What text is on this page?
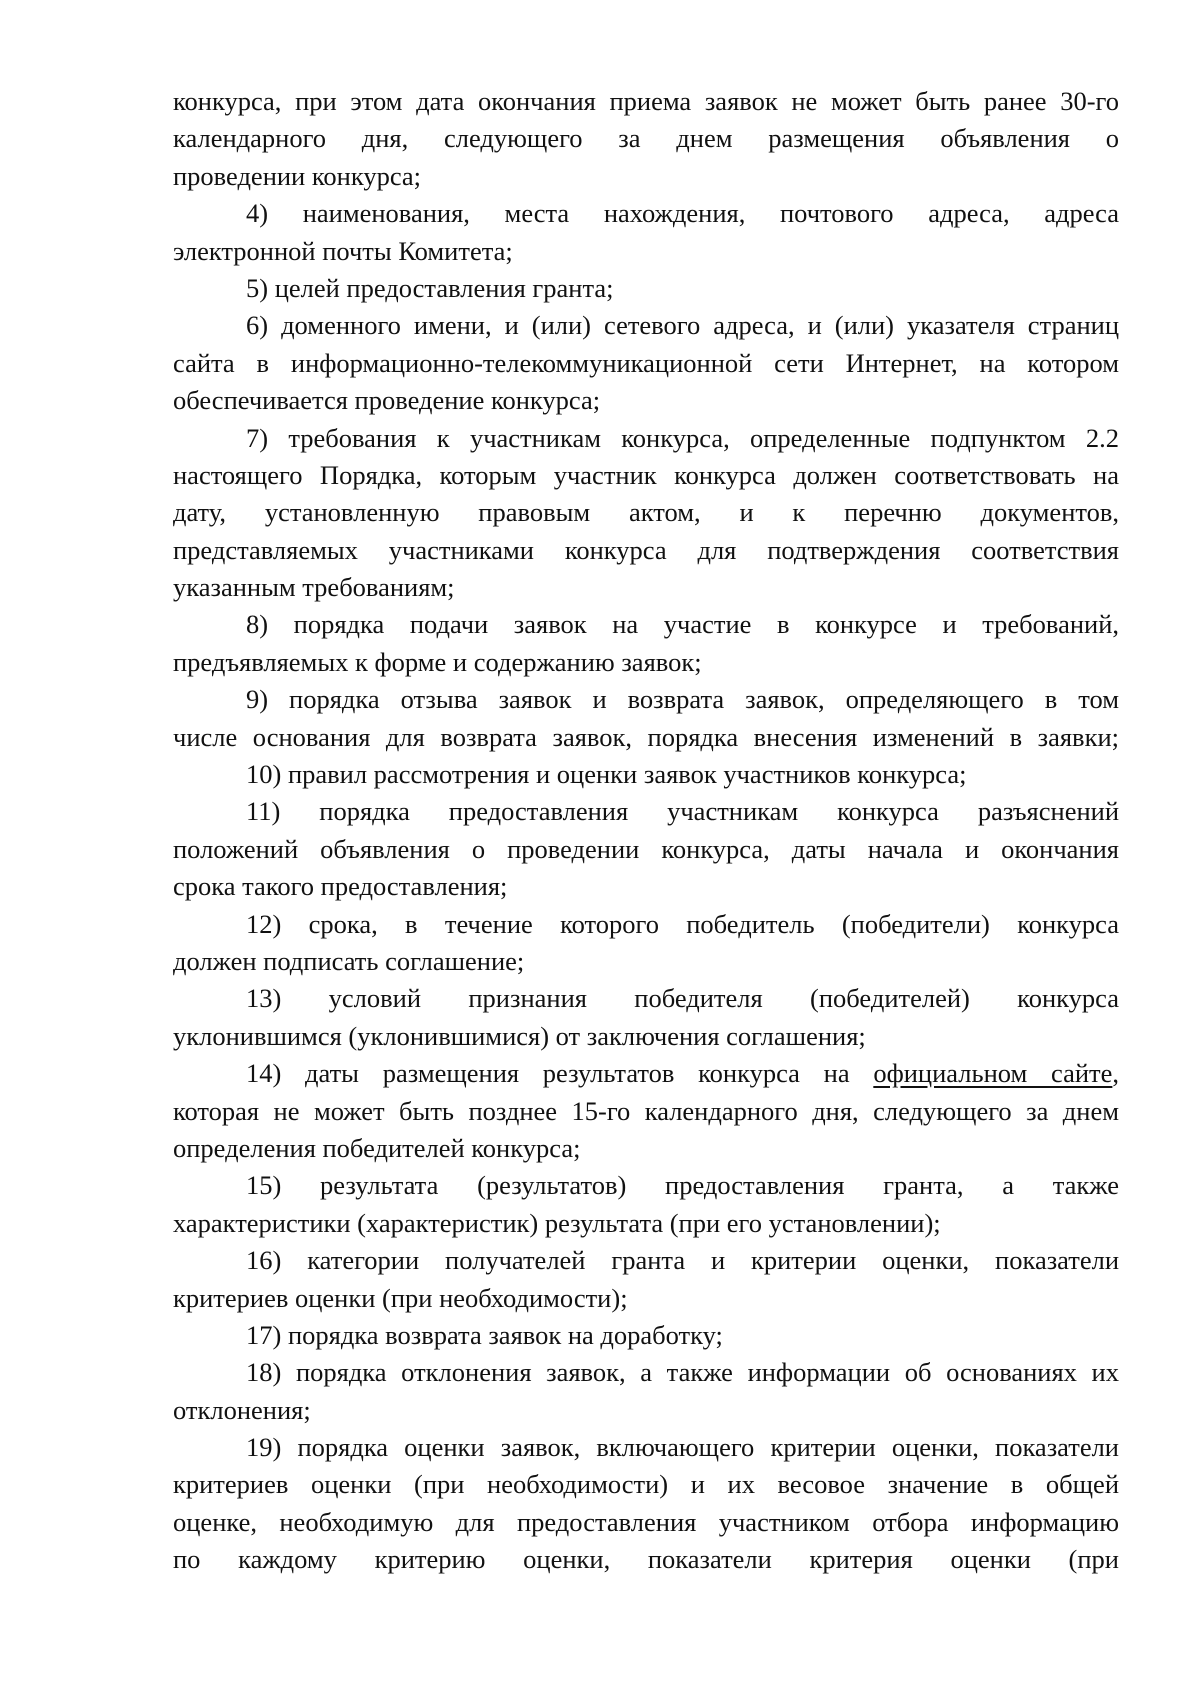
конкурса, при этом дата окончания приема заявок не может быть ранее 30-го
календарного дня, следующего за днем размещения объявления о
проведении конкурса;
4) наименования, места нахождения, почтового адреса, адреса
электронной почты Комитета;
5) целей предоставления гранта;
6) доменного имени, и (или) сетевого адреса, и (или) указателя страниц
сайта в информационно-телекоммуникационной сети Интернет, на котором
обеспечивается проведение конкурса;
7) требования к участникам конкурса, определенные подпунктом 2.2
настоящего Порядка, которым участник конкурса должен соответствовать на
дату, установленную правовым актом, и к перечню документов,
представляемых участниками конкурса для подтверждения соответствия
указанным требованиям;
8) порядка подачи заявок на участие в конкурсе и требований,
предъявляемых к форме и содержанию заявок;
9) порядка отзыва заявок и возврата заявок, определяющего в том
числе основания для возврата заявок, порядка внесения изменений в заявки;
10) правил рассмотрения и оценки заявок участников конкурса;
11) порядка предоставления участникам конкурса разъяснений
положений объявления о проведении конкурса, даты начала и окончания
срока такого предоставления;
12) срока, в течение которого победитель (победители) конкурса
должен подписать соглашение;
13) условий признания победителя (победителей) конкурса
уклонившимся (уклонившимися) от заключения соглашения;
14) даты размещения результатов конкурса на официальном сайте,
которая не может быть позднее 15-го календарного дня, следующего за днем
определения победителей конкурса;
15) результата (результатов) предоставления гранта, а также
характеристики (характеристик) результата (при его установлении);
16) категории получателей гранта и критерии оценки, показатели
критериев оценки (при необходимости);
17) порядка возврата заявок на доработку;
18) порядка отклонения заявок, а также информации об основаниях их
отклонения;
19) порядка оценки заявок, включающего критерии оценки, показатели
критериев оценки (при необходимости) и их весовое значение в общей
оценке, необходимую для предоставления участником отбора информацию
по каждому критерию оценки, показатели критерия оценки (при
